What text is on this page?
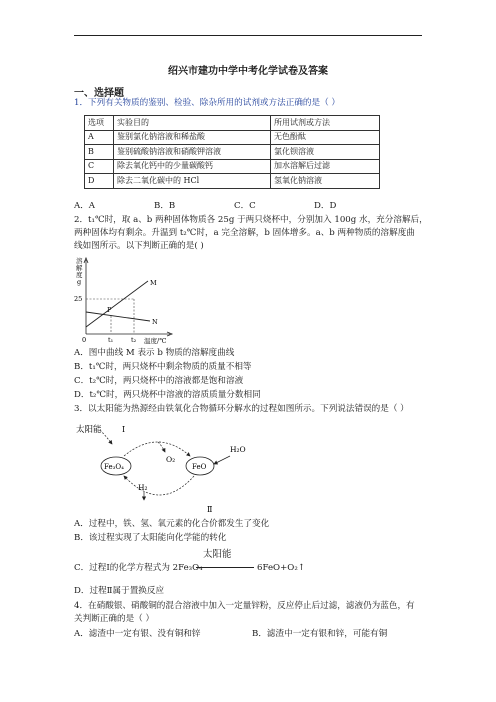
绍兴市建功中学中考化学试卷及答案
一、选择题
1．下列有关物质的鉴别、检验、除杂所用的试剂或方法正确的是（ ）
选项	实验目的	所用试剂或方法
A	鉴别氯化钠溶液和稀盐酸	无色酚酞
B	鉴别硫酸钠溶液和硝酸钾溶液	氯化钡溶液
C	除去氧化钙中的少量碳酸钙	加水溶解后过滤
D	除去二氧化碳中的 HCl	氢氧化钠溶液
A．A	B．B	C．C	D．D
2．t₁℃时，取 a、b 两种固体物质各 25g 于两只烧杯中，分别加入 100g 水，充分溶解后，
两种固体均有剩余。升温到 t₂℃时，a 完全溶解，b 固体增多。a、b 两种物质的溶解度曲
线如图所示。以下判断正确的是( )
溶
解
度
g
25
M
P
N
0	t₁	t₂ 温度/℃
A．图中曲线 M 表示 b 物质的溶解度曲线
B．t₁℃时，两只烧杯中剩余物质的质量不相等
C．t₂℃时，两只烧杯中的溶液都是饱和溶液
D．t₂℃时，两只烧杯中溶液的溶质质量分数相同
3．以太阳能为热源经由铁氧化合物循环分解水的过程如图所示。下列说法错误的是（ ）
太阳能	Ⅰ
Fe₃O₄	FeO
O₂
H₂O
H₂
Ⅱ
A．过程中，铁、氢、氧元素的化合价都发生了变化
B．该过程实现了太阳能向化学能的转化
C．过程Ⅰ的化学方程式为 2Fe₃O₄
太阳能
6FeO+O₂↑
D．过程Ⅱ属于置换反应
4．在硝酸银、硝酸铜的混合溶液中加入一定量锌粉，反应停止后过滤，滤液仍为蓝色，有
关判断正确的是（ ）
A．滤渣中一定有银、没有铜和锌	B．滤渣中一定有银和锌，可能有铜
